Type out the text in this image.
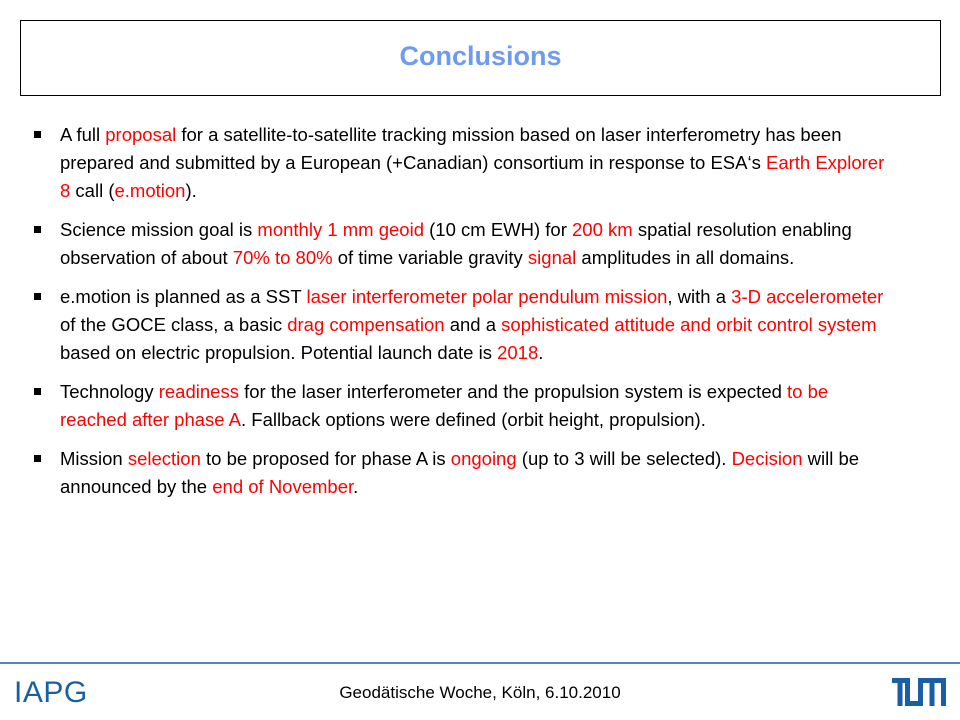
Conclusions
A full proposal for a satellite-to-satellite tracking mission based on laser interferometry has been prepared and submitted by a European (+Canadian) consortium in response to ESA‘s Earth Explorer 8 call (e.motion).
Science mission goal is monthly 1 mm geoid (10 cm EWH) for 200 km spatial resolution enabling observation of about 70% to 80% of time variable gravity signal amplitudes in all domains.
e.motion is planned as a SST laser interferometer polar pendulum mission, with a 3-D accelerometer of the GOCE class, a basic drag compensation and a sophisticated attitude and orbit control system based on electric propulsion. Potential launch date is 2018.
Technology readiness for the laser interferometer and the propulsion system is expected to be reached after phase A. Fallback options were defined (orbit height, propulsion).
Mission selection to be proposed for phase A is ongoing (up to 3 will be selected). Decision will be announced by the end of November.
IAPG	Geodätische Woche, Köln, 6.10.2010
